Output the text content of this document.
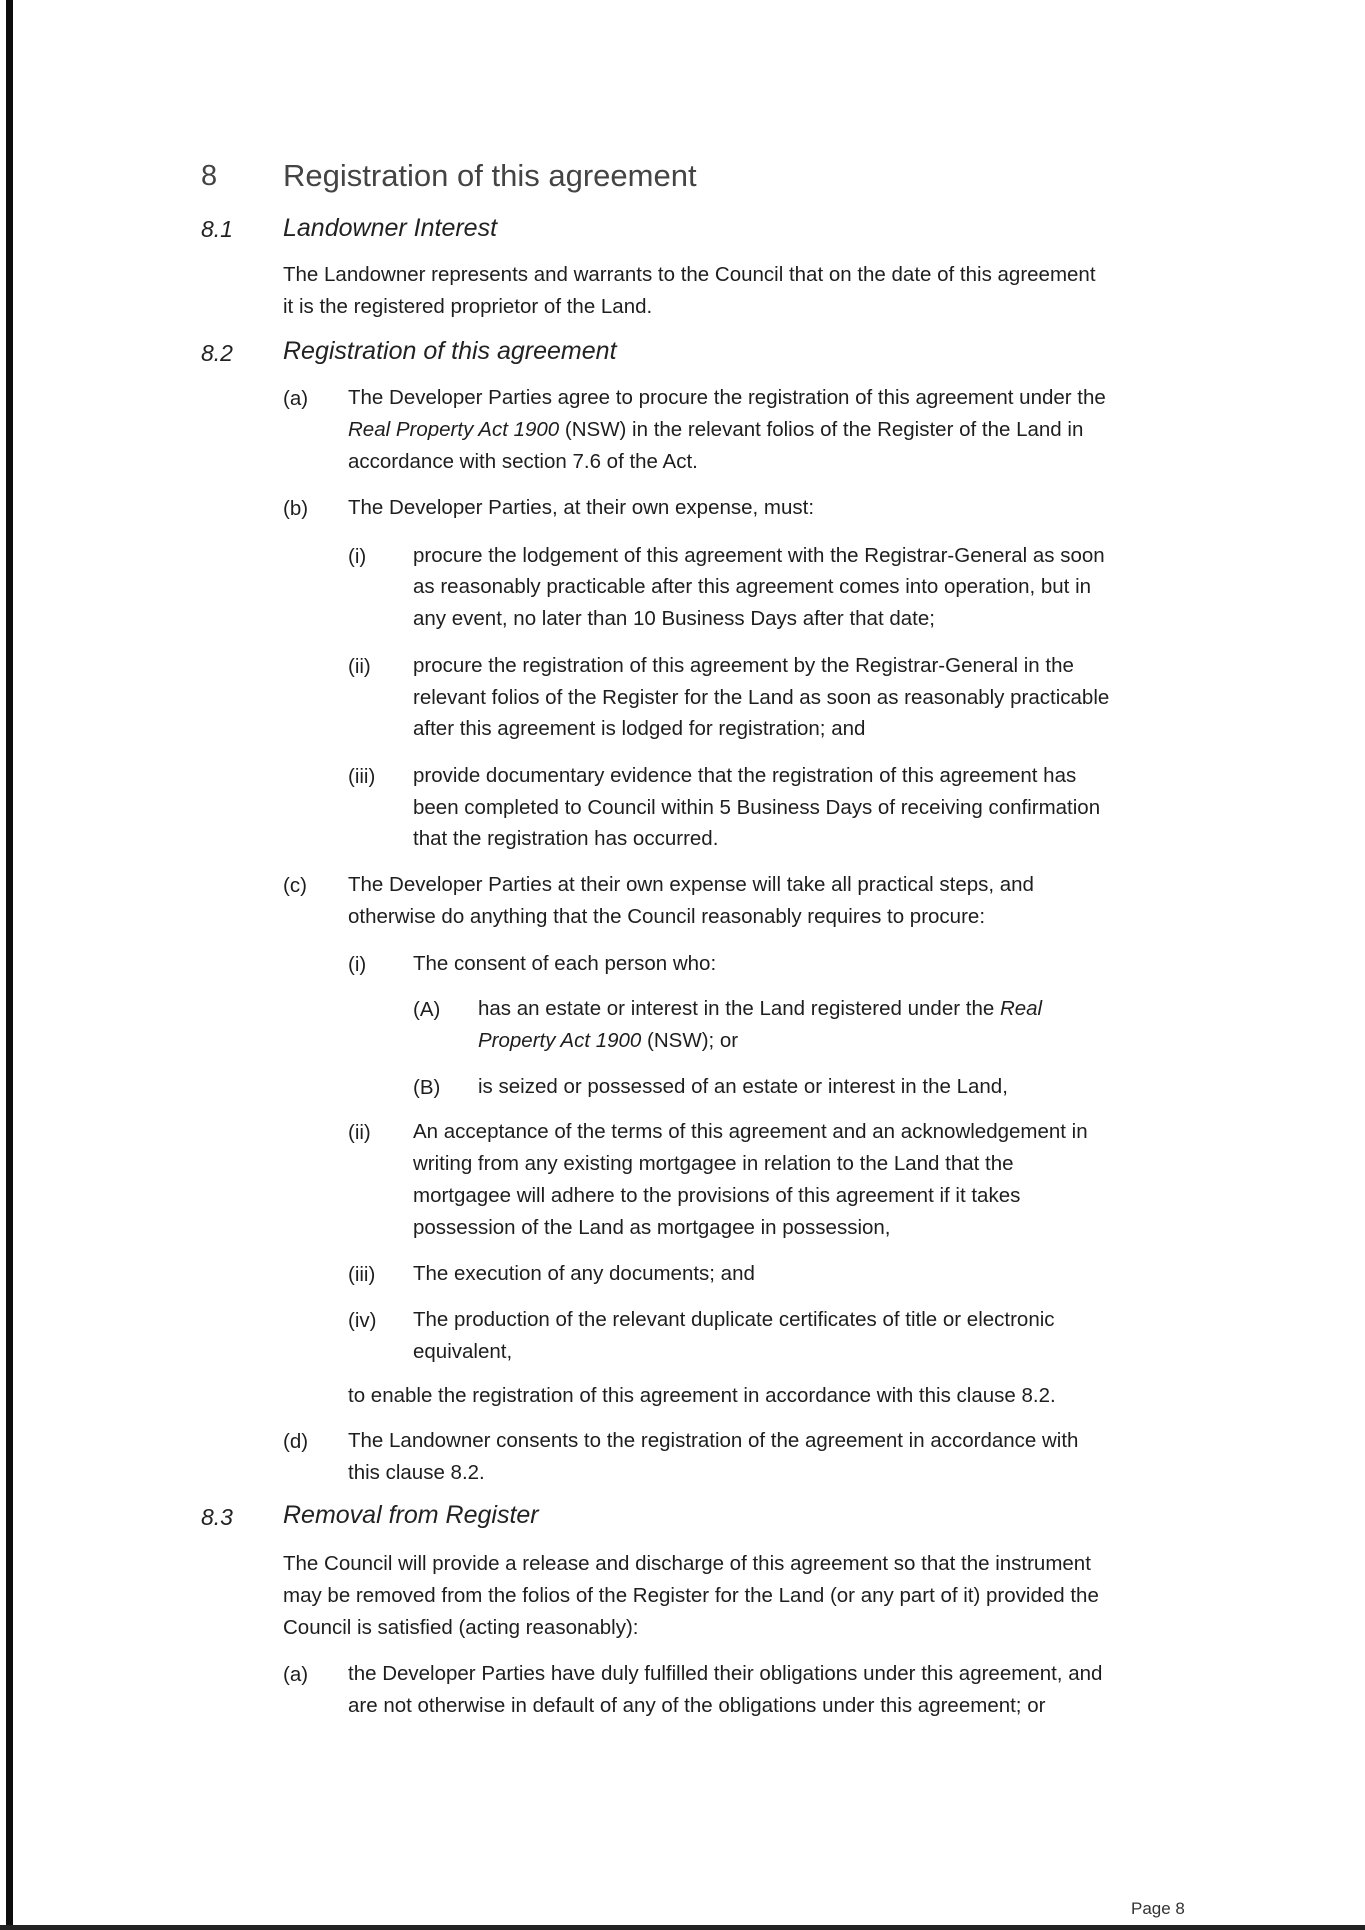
8 Registration of this agreement
8.1 Landowner Interest
The Landowner represents and warrants to the Council that on the date of this agreement
it is the registered proprietor of the Land.
8.2 Registration of this agreement
(a) The Developer Parties agree to procure the registration of this agreement under the
Real Property Act 1900 (NSW) in the relevant folios of the Register of the Land in
accordance with section 7.6 of the Act.
(b) The Developer Parties, at their own expense, must:
(i) procure the lodgement of this agreement with the Registrar-General as soon
as reasonably practicable after this agreement comes into operation, but in
any event, no later than 10 Business Days after that date;
(ii) procure the registration of this agreement by the Registrar-General in the
relevant folios of the Register for the Land as soon as reasonably practicable
after this agreement is lodged for registration; and
(iii) provide documentary evidence that the registration of this agreement has
been completed to Council within 5 Business Days of receiving confirmation
that the registration has occurred.
(c) The Developer Parties at their own expense will take all practical steps, and
otherwise do anything that the Council reasonably requires to procure:
(i) The consent of each person who:
(A) has an estate or interest in the Land registered under the Real
Property Act 1900 (NSW); or
(B) is seized or possessed of an estate or interest in the Land,
(ii) An acceptance of the terms of this agreement and an acknowledgement in
writing from any existing mortgagee in relation to the Land that the
mortgagee will adhere to the provisions of this agreement if it takes
possession of the Land as mortgagee in possession,
(iii) The execution of any documents; and
(iv) The production of the relevant duplicate certificates of title or electronic
equivalent,
to enable the registration of this agreement in accordance with this clause 8.2.
(d) The Landowner consents to the registration of the agreement in accordance with
this clause 8.2.
8.3 Removal from Register
The Council will provide a release and discharge of this agreement so that the instrument
may be removed from the folios of the Register for the Land (or any part of it) provided the
Council is satisfied (acting reasonably):
(a) the Developer Parties have duly fulfilled their obligations under this agreement, and
are not otherwise in default of any of the obligations under this agreement; or
Page 8
